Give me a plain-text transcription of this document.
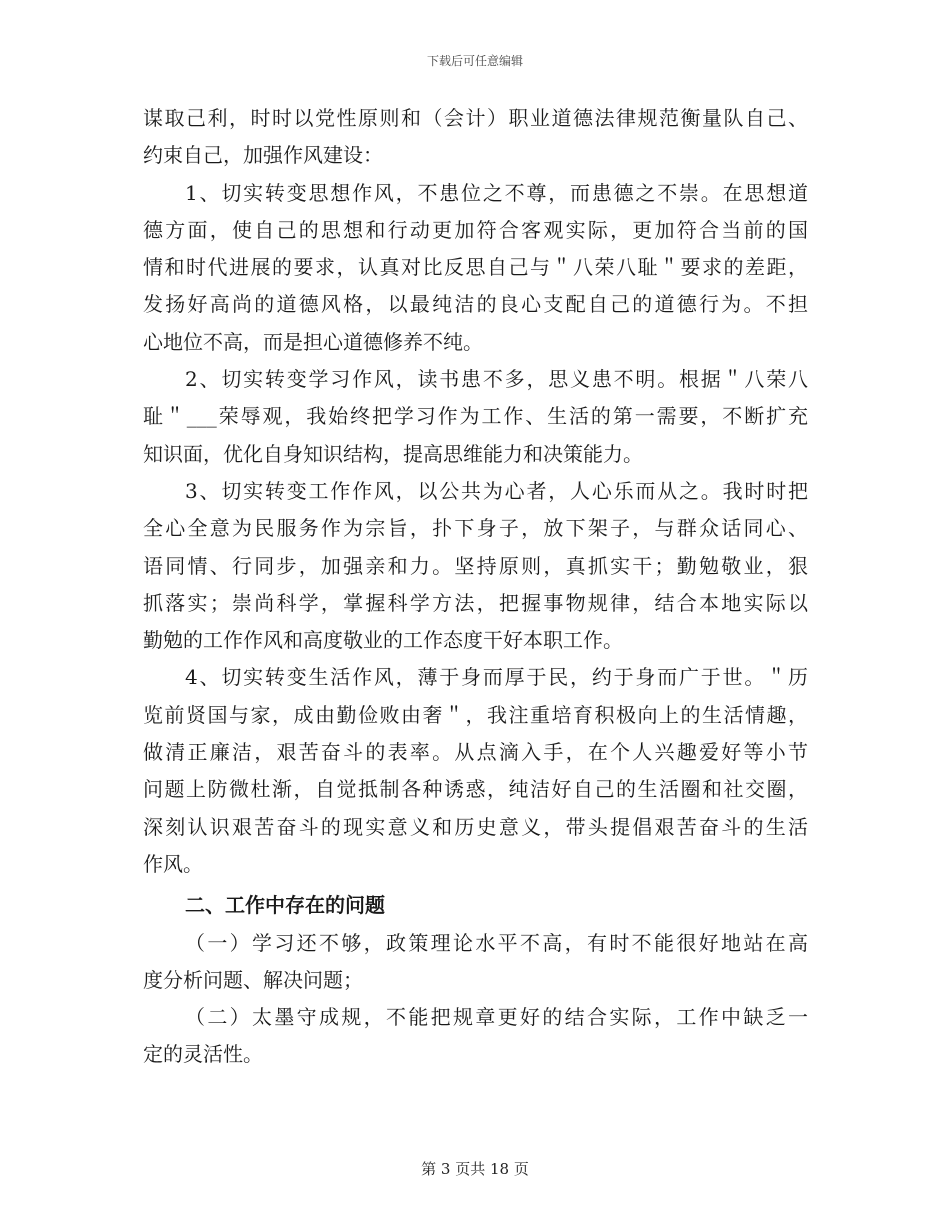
下载后可任意编辑
谋取己利，时时以党性原则和（会计）职业道德法律规范衡量队自己、
约束自己，加强作风建设：
1、切实转变思想作风，不患位之不尊，而患德之不崇。在思想道
德方面，使自己的思想和行动更加符合客观实际，更加符合当前的国
情和时代进展的要求，认真对比反思自己与＂八荣八耻＂要求的差距，
发扬好高尚的道德风格，以最纯洁的良心支配自己的道德行为。不担
心地位不高，而是担心道德修养不纯。
2、切实转变学习作风，读书患不多，思义患不明。根据＂八荣八
耻＂___荣辱观，我始终把学习作为工作、生活的第一需要，不断扩充
知识面，优化自身知识结构，提高思维能力和决策能力。
3、切实转变工作作风，以公共为心者，人心乐而从之。我时时把
全心全意为民服务作为宗旨，扑下身子，放下架子，与群众话同心、
语同情、行同步，加强亲和力。坚持原则，真抓实干；勤勉敬业，狠
抓落实；崇尚科学，掌握科学方法，把握事物规律，结合本地实际以
勤勉的工作作风和高度敬业的工作态度干好本职工作。
4、切实转变生活作风，薄于身而厚于民，约于身而广于世。＂历
览前贤国与家，成由勤俭败由奢＂，我注重培育积极向上的生活情趣，
做清正廉洁，艰苦奋斗的表率。从点滴入手，在个人兴趣爱好等小节
问题上防微杜渐，自觉抵制各种诱惑，纯洁好自己的生活圈和社交圈，
深刻认识艰苦奋斗的现实意义和历史意义，带头提倡艰苦奋斗的生活
作风。
二、工作中存在的问题
（一）学习还不够，政策理论水平不高，有时不能很好地站在高
度分析问题、解决问题；
（二）太墨守成规，不能把规章更好的结合实际，工作中缺乏一
定的灵活性。
第 3 页共 18 页
